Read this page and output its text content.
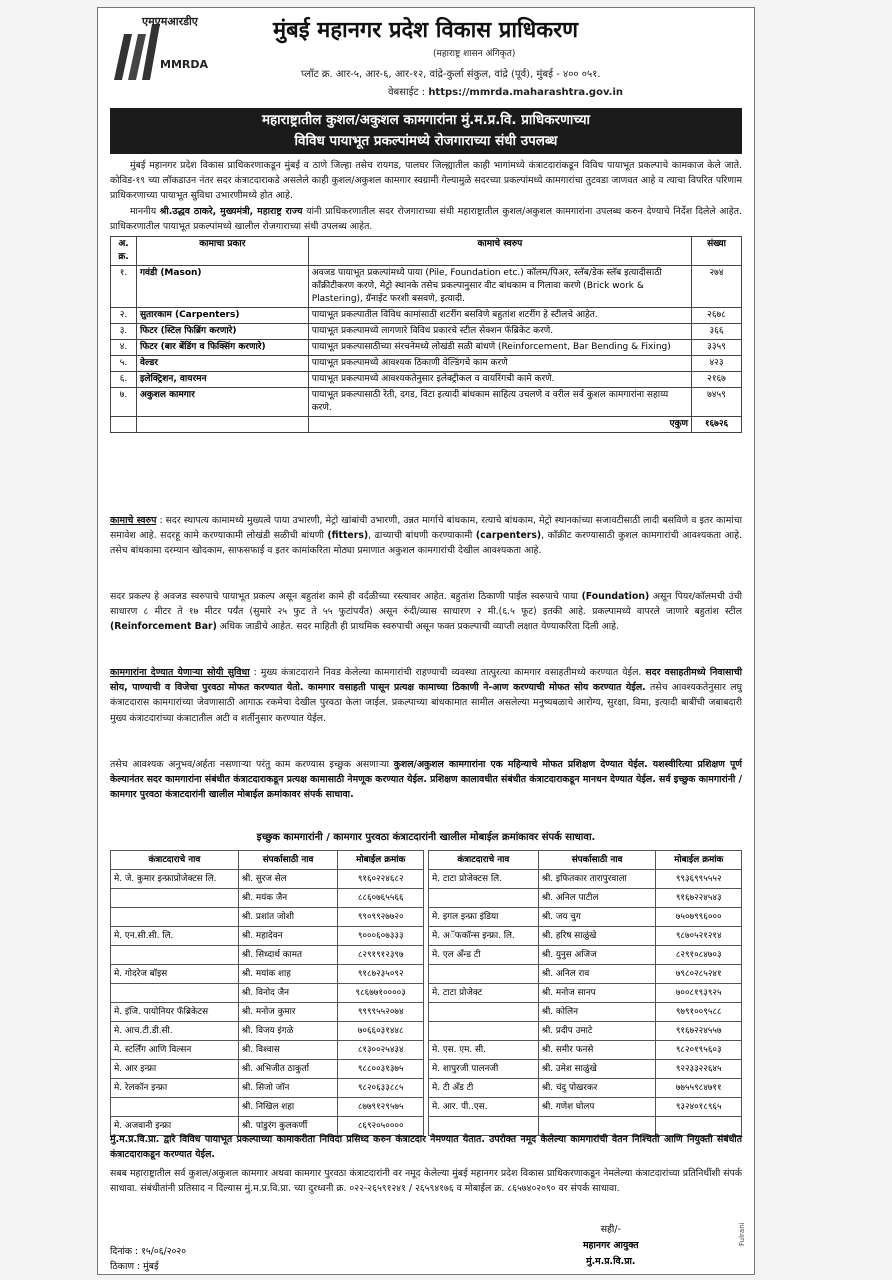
एमएमआरडीए
MMRDA
मुंबई महानगर प्रदेश विकास प्राधिकरण
(महाराष्ट्र शासन अंगिकृत)
प्लॉट क्र. आर-५, आर-६, आर-१२, वांद्रे-कुर्ला संकुल, वांद्रे (पूर्व), मुंबई - ४०० ०५१.
वेबसाईट : https://mmrda.maharashtra.gov.in
महाराष्ट्रातील कुशल/अकुशल कामगारांना मुं.म.प्र.वि. प्राधिकरणाच्या
विविध पायाभूत प्रकल्पांमध्ये रोजगाराच्या संधी उपलब्ध
मुंबई महानगर प्रदेश विकास प्राधिकरणाकडून मुंबई व ठाणे जिल्हा तसेच रायगड, पालघर जिल्ह्यातील काही भागांमध्ये कंत्राटदारांकडून विविध पायाभूत प्रकल्पाचे कामकाज केले जाते. कोविड-१९ च्या लॉकडाउन नंतर सदर कंत्राटदाराकडे असलेले काही कुशल/अकुशल कामगार स्वग्रामी गेल्यामुळे सदरच्या प्रकल्पांमध्ये कामगारांचा तुटवडा जाणवत आहे व त्याचा विपरित परिणाम प्राधिकरणाच्या पायाभूत सुविधा उभारणीमध्ये होत आहे.
माननीय श्री.उद्धव ठाकरे, मुख्यमंत्री, महाराष्ट्र राज्य यांनी प्राधिकरणातील सदर रोजगाराच्या संधी महाराष्ट्रातील कुशल/अकुशल कामगारांना उपलब्ध करुन देण्याचे निर्देश दिलेले आहेत. प्राधिकरणातील पायाभूत प्रकल्पांमध्ये खालील रोजगाराच्या संधी उपलब्ध आहेत.
अ. क्र.	कामाचा प्रकार	कामाचे स्वरुप	संख्या
१.	गवंडी (Mason)	अवजड पायाभूत प्रकल्पांमध्ये पाया (Pile, Foundation etc.) कॉलम/पिअर, स्लॅब/डेक स्लॅब इत्यादीसाठी कॉंक्रीटीकरण करणे, मेट्रो स्थानके तसेच प्रकल्पानुसार वीट बांधकाम व गिलावा करणे (Brick work & Plastering), ग्रॅनाईट फरशी बसवणे, इत्यादी.	२७४
२.	सुतारकाम (Carpenters)	पायाभूत प्रकल्पातील विविध कामांसाठी शटरींग बसविणे बहुतांश शटरींग हे स्टीलचे आहेत.	२६७८
३.	फिटर (स्टिल फिब्रिंग करणारे)	पायाभूत प्रकल्पामध्ये लागणारे विविध प्रकारचे स्टील सेक्शन फॅब्रिकेट करणे.	३६६
४.	फिटर (बार बेंडिंग व फिक्सिंग करणारे)	पायाभूत प्रकल्पासाठीच्या संरचनेमध्ये लोखंडी सळी बांधणे (Reinforcement, Bar Bending & Fixing)	३३५९
५.	वेल्डर	पायाभूत प्रकल्पामध्ये आवश्यक ठिकाणी वेल्डिंगचे काम करणे	४२३
६.	इलेक्ट्रिशन, वायरमन	पायाभूत प्रकल्पामध्ये आवश्यकतेनुसार इलेक्ट्रीकल व वायरिंगची कामे करणे.	२१६७
७.	अकुशल कामगार	पायाभूत प्रकल्पासाठी रेती, दगड, विटा इत्यादी बांधकाम साहित्य उचलणे व वरील सर्व कुशल कामगारांना सहाय्य करणे.	७४५९
		एकुण	१६७२६
कामाचे स्वरुप : सदर स्थापत्य कामामध्ये मुख्यत्वे पाया उभारणी, मेट्रो खांबांची उभारणी, उन्नत मार्गाचे बांधकाम, रत्याचे बांधकाम, मेट्रो स्थानकांच्या सजावटीसाठी लादी बसविणे व इतर कामांचा समावेश आहे. सदरहू कामे करण्याकामी लोखंडी सळीची बांधणी (fitters), ढाच्याची बांधणी करण्याकामी (carpenters), कॉंक्रीट करण्यासाठी कुशल कामगारांची आवश्यकता आहे. तसेच बांधकामा दरम्यान खोदकाम, साफसफाई व इतर कामांकरिता मोठ्या प्रमाणात अकुशल कामगारांची देखील आवश्यकता आहे.
सदर प्रकल्प हे अवजड स्वरुपाचे पायाभूत प्रकल्प असून बहुतांश कामे ही वर्दळीच्या रस्त्यावर आहेत. बहुतांश ठिकाणी पाईल स्वरुपाचे पाया (Foundation) असून पियर/कॉलमची उंची साधारण ८ मीटर ते १७ मीटर पर्यंत (सुमारे २५ फुट ते ५५ फुटांपर्यंत) असून रुंदी/व्यास साधारण २ मी.(६.५ फूट) इतकी आहे. प्रकल्पामध्ये वापरले जाणारे बहुतांश स्टील (Reinforcement Bar) अधिक जाडीचे आहेत. सदर माहिती ही प्राथमिक स्वरुपाची असून फक्त प्रकल्पाची व्याप्ती लक्षात येण्याकरिता दिली आहे.
कामगारांना देण्यात येणाऱ्या सोयी सुविधा : मुख्य कंत्राटदाराने निवड केलेल्या कामगारांची राहण्याची व्यवस्था तात्पुरत्या कामगार वसाहतीमध्ये करण्यात येईल. सदर वसाहतीमध्ये निवासाची सोय, पाण्याची व विजेचा पुरवठा मोफत करण्यात येतो. कामगार वसाहती पासून प्रत्यक्ष कामाच्या ठिकाणी ने-आण करण्याची मोफत सोय करण्यात येईल. तसेच आवश्यकतेनुसार लघु कंत्राटदारास कामगारांच्या जेवणासाठी आगाऊ रकमेचा देखील पुरवठा केला जाईल. प्रकल्पाच्या बांधकामात सामील असलेल्या मनुष्यबळाचे आरोग्य, सुरक्षा, विमा, इत्यादी बाबींची जबाबदारी मुख्य कंत्राटदारांच्या कंत्राटातील अटी व शर्तीनुसार करण्यात येईल.
तसेच आवश्यक अनुभव/अर्हता नसणाऱ्या परंतु काम करण्यास इच्छुक असणाऱ्या कुशल/अकुशल कामगारांना एक महिन्याचे मोफत प्रशिक्षण देण्यात येईल. यशस्वीरित्या प्रशिक्षण पूर्ण केल्यानंतर सदर कामगारांना संबंधीत कंत्राटदाराकडून प्रत्यक्ष कामासाठी नेमणूक करण्यात येईल. प्रशिक्षण कालावधीत संबंधीत कंत्राटदाराकडून मानधन देण्यात येईल. सर्व इच्छुक कामगारांनी / कामगार पुरवठा कंत्राटदारांनी खालील मोबाईल क्रमांकावर संपर्क साधावा.
इच्छुक कामगारांनी / कामगार पुरवठा कंत्राटदारांनी खालील मोबाईल क्रमांकावर संपर्क साधावा.
कंत्राटदाराचे नाव	संपर्कासाठी नाव	मोबाईल क्रमांक
मे. जे. कुमार इन्फ्राप्रोजेक्टस लि.	श्री. सुरज सेल	९१६०२२४६८२
	श्री. मयंक जैन	८८६०७६५५६६
	श्री. प्रशांत जोशी	९९०९९२७७२०
मे. एन.सी.सी. लि.	श्री. महादेवन	९०००६०७३३३
	श्री. सिध्दार्थ कामत	८२९१९१२३९७
मे. गोदरेज बॉइस	श्री. मयांक शाह	९१८७२३५०९२
	श्री. विनोद जैन	९८६७७१००००३
मे. इंजि. पायोनियर फॅब्रिकेटस	श्री. मनोज कुमार	९९९९५५२०७४
मे. आच.टी.डी.सी.	श्री. विजय इंगळे	७०६६०३१४४८
मे. स्टर्लिंग आणि विल्सन	श्री. विश्वास	८१३००२५४३४
मे. आर इन्फ्रा	श्री. अभिजीत ठाकुर्ता	९८८००३१३७५
मे. रेलकॉन इन्फ्रा	श्री. सिजो जॉन	९८२०६३३८८५
	श्री. निखिल शहा	८७७९१२९५७५
मे. अजवानी इन्फ्रा	श्री. पांडुरंग कुलकर्णी	८६९२०५००००
कंत्राटदाराचे नाव	संपर्कासाठी नाव	मोबाईल क्रमांक
मे. टाटा प्रोजेक्टस लि.	श्री. इफितकार तारापुरवाला	९९३६९९५५५२
	श्री. अनिल पाटील	९१६७२२४५४३
मे. इगल इन्फ्रा इंडिया	श्री. जय चुग	७५०७९९६०००
मे. अॅफकॉन्स इन्फ्रा. लि.	श्री. हरिष साळुंखे	९८७०५२१२१४
मे. एल अँन्ड टी	श्री. युनुस अजिज	८२९१०८४७०३
	श्री. अनिल राव	७९८०२८५२४१
मे. टाटा प्रोजेक्ट	श्री. मनोज सानप	७००८१९३९२५
	श्री. कोलिन	९७९१००९५८८
	श्री. प्रदीप उमाटे	९१६७२२४५५७
मे. एस. एम. सी.	श्री. समीर फनसे	९८२०१९५६०३
मे. शापुरजी पालनजी	श्री. उमेश साळुंखे	९२२३३२२६४५
मे. टी अँड टी	श्री. चंदु पोखरकर	७७५५९८४७११
मे. आर. पी..एस.	श्री. गणेश घोलप	९३२४०१८९६५

मुं.म.प्र.वि.प्रा. द्वारे विविध पायाभूत प्रकल्पाच्या कामाकरीता निविदा प्रसिध्द करुन कंत्राटदार नेमण्यात येतात. उपरोक्त नमूद केलेल्या कामगारांची वेतन निश्चिती आणि नियुक्ती संबंधीत कंत्राटदाराकडून करण्यात येईल.
सबब महाराष्ट्रातील सर्व कुशल/अकुशल कामगार अथवा कामगार पुरवठा कंत्राटदारांनी वर नमूद केलेल्या मुंबई महानगर प्रदेश विकास प्राधिकरणाकडून नेमलेल्या कंत्राटदारांच्या प्रतिनिधींशी संपर्क साधावा. संबंधीतांनी प्रतिसाद न दिल्यास मुं.म.प्र.वि.प्रा. च्या दुरध्वनी क्र. ०२२-२६५९१२४१ / २६५९४१७६ व मोबाईल क्र. ८६५७४०२०९० वर संपर्क साधावा.
दिनांक : १५/०६/२०२०
ठिकाण : मुंबई
सही/-
महानगर आयुक्त
मुं.म.प्र.वि.प्रा.
Fulrani
